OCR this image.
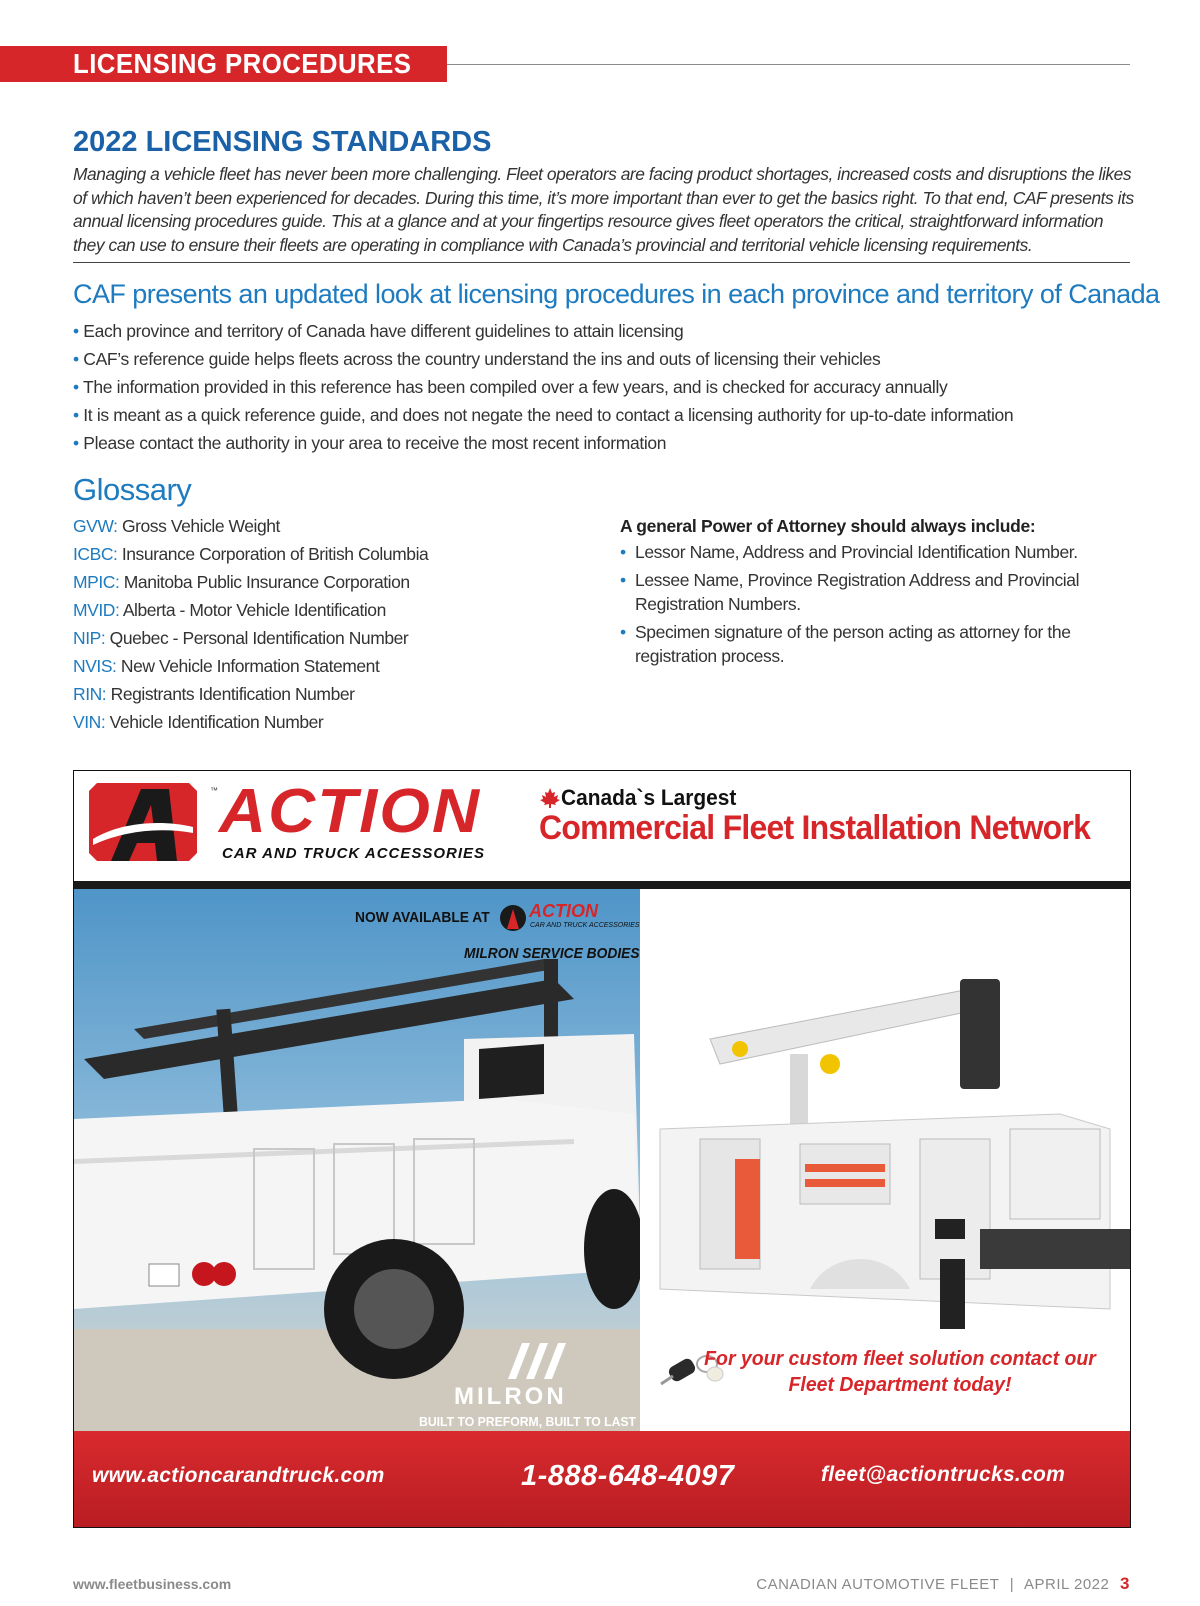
LICENSING PROCEDURES
2022 LICENSING STANDARDS

Managing a vehicle fleet has never been more challenging. Fleet operators are facing product shortages, increased costs and disruptions the likes of which haven’t been experienced for decades. During this time, it’s more important than ever to get the basics right. To that end, CAF presents its annual licensing procedures guide. This at a glance and at your fingertips resource gives fleet operators the critical, straightforward information they can use to ensure their fleets are operating in compliance with Canada’s provincial and territorial vehicle licensing requirements.

CAF presents an updated look at licensing procedures in each province and territory of Canada
• Each province and territory of Canada have different guidelines to attain licensing
• CAF’s reference guide helps fleets across the country understand the ins and outs of licensing their vehicles
• The information provided in this reference has been compiled over a few years, and is checked for accuracy annually
• It is meant as a quick reference guide, and does not negate the need to contact a licensing authority for up-to-date information
• Please contact the authority in your area to receive the most recent information
Glossary
GVW: Gross Vehicle Weight
ICBC: Insurance Corporation of British Columbia
MPIC: Manitoba Public Insurance Corporation
MVID: Alberta - Motor Vehicle Identification
NIP: Quebec - Personal Identification Number
NVIS: New Vehicle Information Statement
RIN: Registrants Identification Number
VIN: Vehicle Identification Number
A general Power of Attorney should always include:
• Lessor Name, Address and Provincial Identification Number.
• Lessee Name, Province Registration Address and Provincial Registration Numbers.
• Specimen signature of the person acting as attorney for the registration process.
™ ACTION
CAR AND TRUCK ACCESSORIES
Canada`s Largest
Commercial Fleet Installation Network
NOW AVAILABLE AT ACTION
CAR AND TRUCK ACCESSORIES
MILRON SERVICE BODIES
MILRON
BUILT TO PREFORM, BUILT TO LAST
For your custom fleet solution contact our Fleet Department today!
www.actioncarandtruck.com	1-888-648-4097	fleet@actiontrucks.com
www.fleetbusiness.com	CANADIAN AUTOMOTIVE FLEET | APRIL 2022 3
